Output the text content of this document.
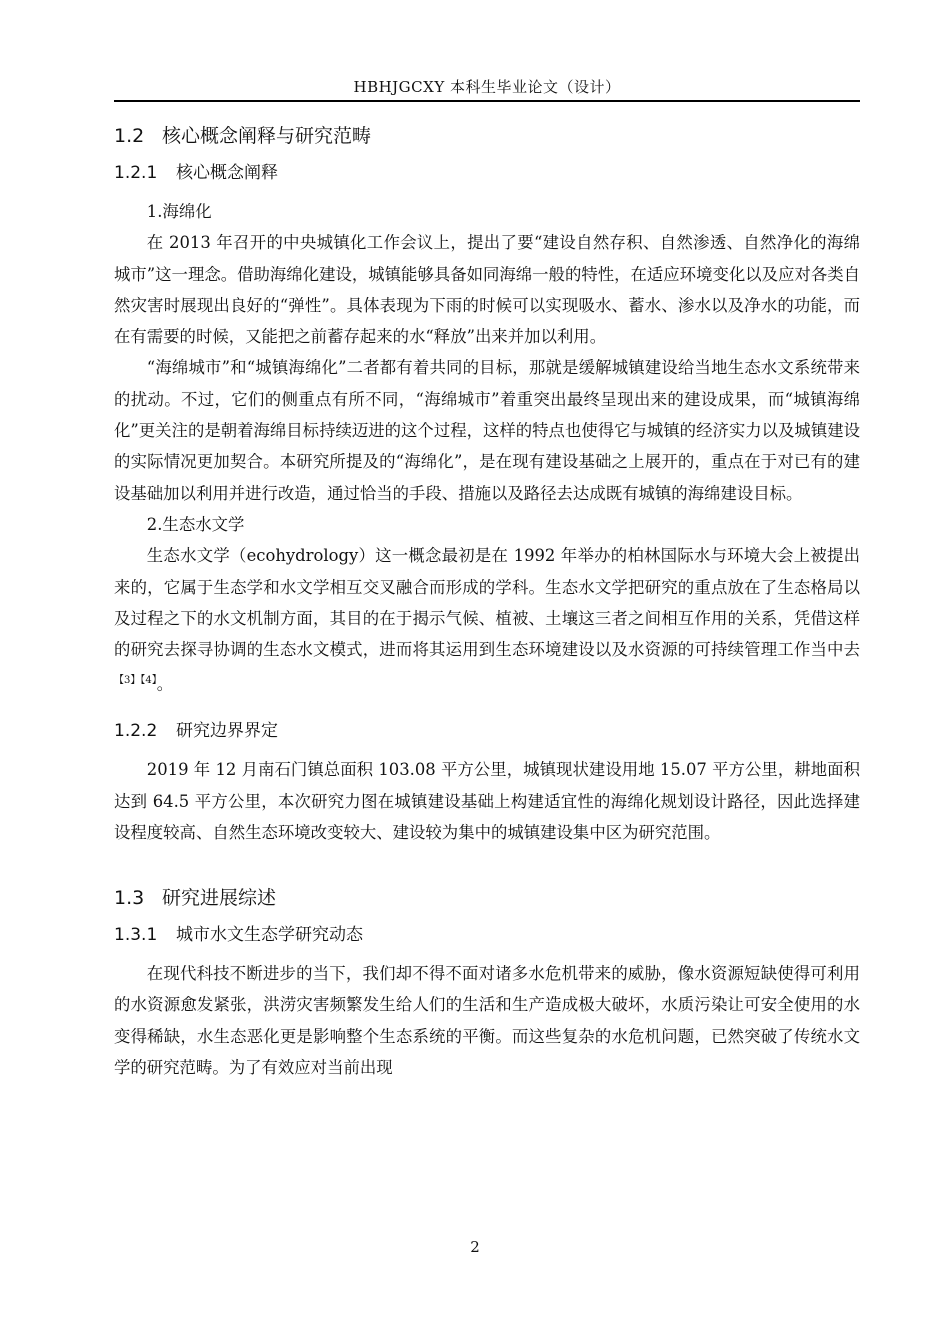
HBHJGCXY 本科生毕业论文（设计）
1.2 核心概念阐释与研究范畴
1.2.1 核心概念阐释

1.海绵化

在 2013 年召开的中央城镇化工作会议上，提出了要“建设自然存积、自然渗透、自然净化的海绵城市”这一理念。借助海绵化建设，城镇能够具备如同海绵一般的特性，在适应环境变化以及应对各类自然灾害时展现出良好的“弹性”。具体表现为下雨的时候可以实现吸水、蓄水、渗水以及净水的功能，而在有需要的时候，又能把之前蓄存起来的水“释放”出来并加以利用。

“海绵城市”和“城镇海绵化”二者都有着共同的目标，那就是缓解城镇建设给当地生态水文系统带来的扰动。不过，它们的侧重点有所不同，“海绵城市”着重突出最终呈现出来的建设成果，而“城镇海绵化”更关注的是朝着海绵目标持续迈进的这个过程，这样的特点也使得它与城镇的经济实力以及城镇建设的实际情况更加契合。本研究所提及的“海绵化”，是在现有建设基础之上展开的，重点在于对已有的建设基础加以利用并进行改造，通过恰当的手段、措施以及路径去达成既有城镇的海绵建设目标。

2.生态水文学

生态水文学（ecohydrology）这一概念最初是在 1992 年举办的柏林国际水与环境大会上被提出来的，它属于生态学和水文学相互交叉融合而形成的学科。生态水文学把研究的重点放在了生态格局以及过程之下的水文机制方面，其目的在于揭示气候、植被、土壤这三者之间相互作用的关系，凭借这样的研究去探寻协调的生态水文模式，进而将其运用到生态环境建设以及水资源的可持续管理工作当中去$^{【3】【4】}$。

1.2.2 研究边界界定

2019 年 12 月南石门镇总面积 103.08 平方公里，城镇现状建设用地 15.07 平方公里，耕地面积达到 64.5 平方公里，本次研究力图在城镇建设基础上构建适宜性的海绵化规划设计路径，因此选择建设程度较高、自然生态环境改变较大、建设较为集中的城镇建设集中区为研究范围。

1.3 研究进展综述
1.3.1 城市水文生态学研究动态

在现代科技不断进步的当下，我们却不得不面对诸多水危机带来的威胁，像水资源短缺使得可利用的水资源愈发紧张，洪涝灾害频繁发生给人们的生活和生产造成极大破坏，水质污染让可安全使用的水变得稀缺，水生态恶化更是影响整个生态系统的平衡。而这些复杂的水危机问题，已然突破了传统水文学的研究范畴。为了有效应对当前出现

2
